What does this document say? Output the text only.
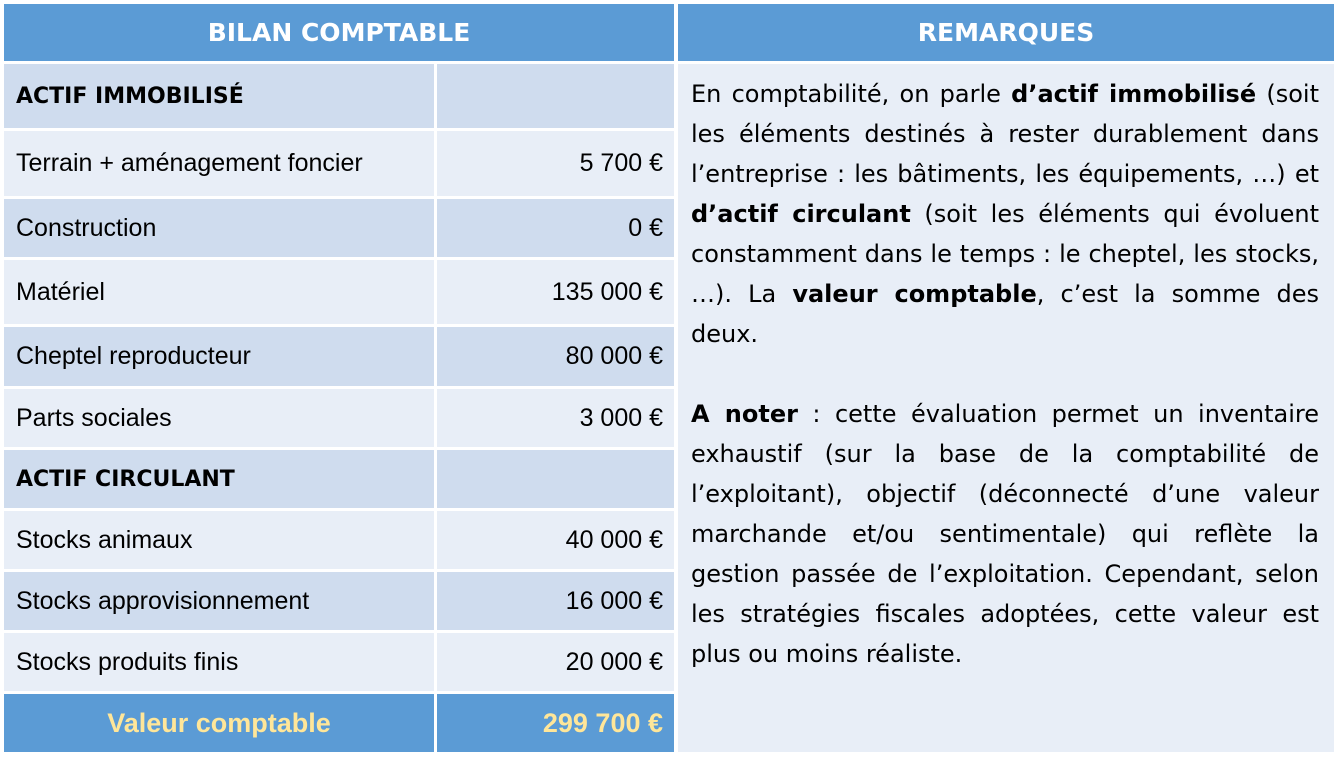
BILAN COMPTABLE	REMARQUES
ACTIF IMMOBILISÉ
Terrain + aménagement foncier	5 700 €
Construction	0 €
Matériel	135 000 €
Cheptel reproducteur	80 000 €
Parts sociales	3 000 €
ACTIF CIRCULANT
Stocks animaux	40 000 €
Stocks approvisionnement	16 000 €
Stocks produits finis	20 000 €
Valeur comptable	299 700 €

En comptabilité, on parle d’actif immobilisé (soit les éléments destinés à rester durablement dans l’entreprise : les bâtiments, les équipements, …) et d’actif circulant (soit les éléments qui évoluent constamment dans le temps : le cheptel, les stocks, …). La valeur comptable, c’est la somme des deux.

A noter : cette évaluation permet un inventaire exhaustif (sur la base de la comptabilité de l’exploitant), objectif (déconnecté d’une valeur marchande et/ou sentimentale) qui reflète la gestion passée de l’exploitation. Cependant, selon les stratégies fiscales adoptées, cette valeur est plus ou moins réaliste.
